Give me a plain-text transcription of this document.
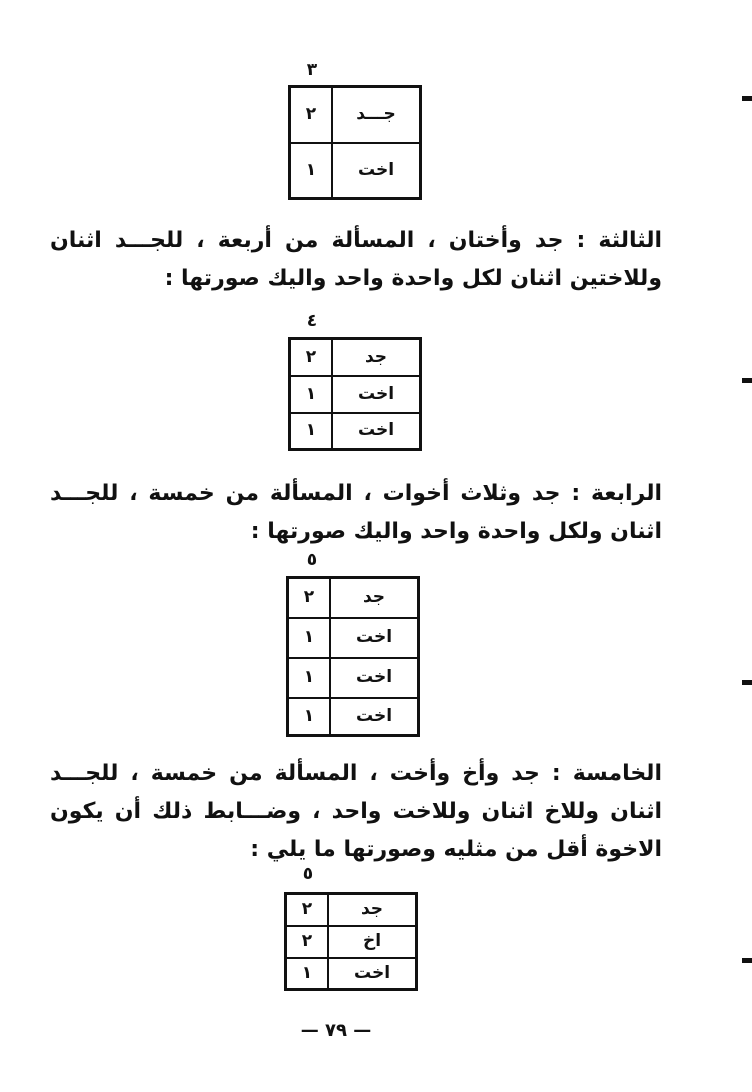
٣
جـــد	٢
اخت	١

الثالثة : جد وأختان ، المسألة من أربعة ، للجـــد اثنان وللاختين اثنان لكل واحدة واحد واليك صورتها :

٤
جد	٢
اخت	١
اخت	١

الرابعة : جد وثلاث أخوات ، المسألة من خمسة ، للجـــد اثنان ولكل واحدة واحد واليك صورتها :

٥
جد	٢
اخت	١
اخت	١
اخت	١

الخامسة : جد وأخ وأخت ، المسألة من خمسة ، للجـــد اثنان وللاخ اثنان وللاخت واحد ، وضـــابط ذلك أن يكون الاخوة أقل من مثليه وصورتها ما يلي :

٥
جد	٢
اخ	٢
اخت	١
— ٧٩ —
